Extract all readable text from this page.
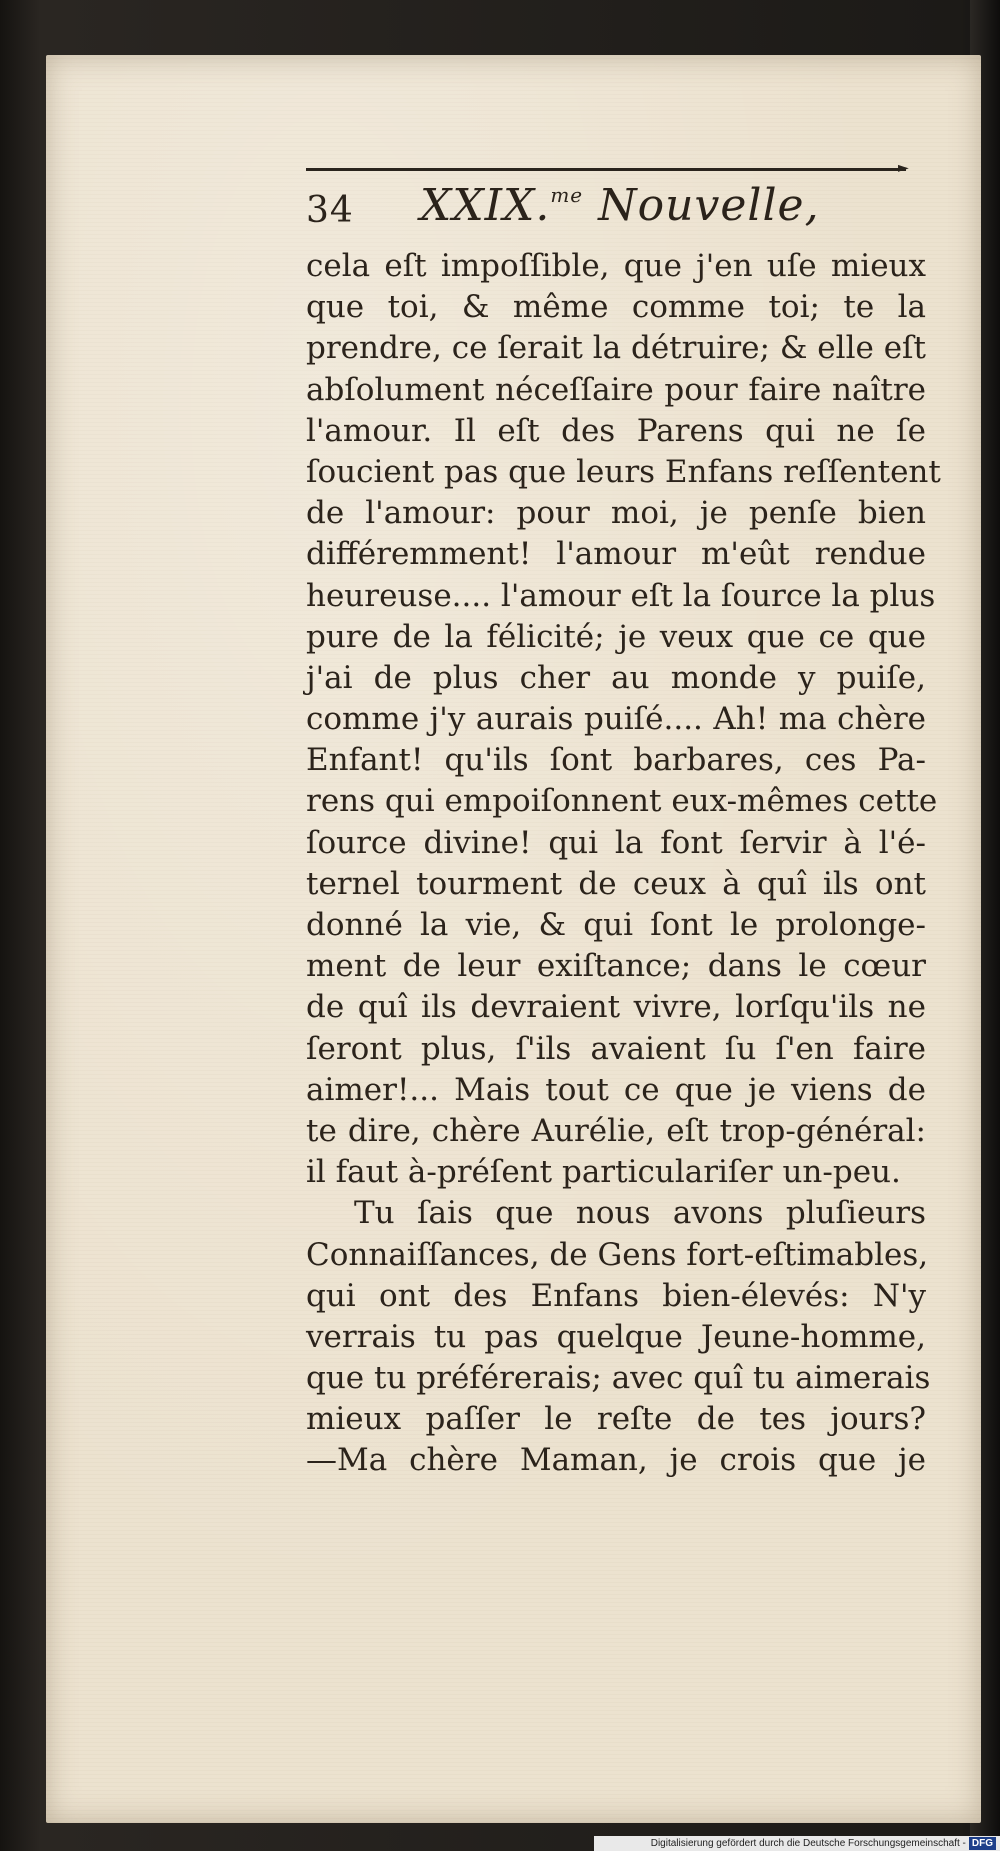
►
34 XXIX.$^{me}$ Nouvelle,
cela eſt impoſſible, que j'en uſe mieux
que toi, & même comme toi; te la
prendre, ce ſerait la détruire; & elle eſt
abſolument néceſſaire pour faire naître
l'amour. Il eſt des Parens qui ne ſe
ſoucient pas que leurs Enfans reſſentent
de l'amour: pour moi, je penſe bien
différemment! l'amour m'eût rendue
heureuse.... l'amour eſt la ſource la plus
pure de la félicité; je veux que ce que
j'ai de plus cher au monde y puiſe,
comme j'y aurais puiſé.... Ah! ma chère
Enfant! qu'ils ſont barbares, ces Pa-
rens qui empoiſonnent eux-mêmes cette
ſource divine! qui la font ſervir à l'é-
ternel tourment de ceux à quî ils ont
donné la vie, & qui ſont le prolonge-
ment de leur exiſtance; dans le cœur
de quî ils devraient vivre, lorſqu'ils ne
ſeront plus, ſ'ils avaient ſu ſ'en faire
aimer!... Mais tout ce que je viens de
te dire, chère Aurélie, eſt trop-général:
il faut à-préſent particulariſer un-peu.
Tu ſais que nous avons pluſieurs
Connaiſſances, de Gens fort-eſtimables,
qui ont des Enfans bien-élevés: N'y
verrais tu pas quelque Jeune-homme,
que tu préférerais; avec quî tu aimerais
mieux paſſer le reſte de tes jours?
—Ma chère Maman, je crois que je
Digitalisierung gefördert durch die Deutsche Forschungsgemeinschaft - DFG
